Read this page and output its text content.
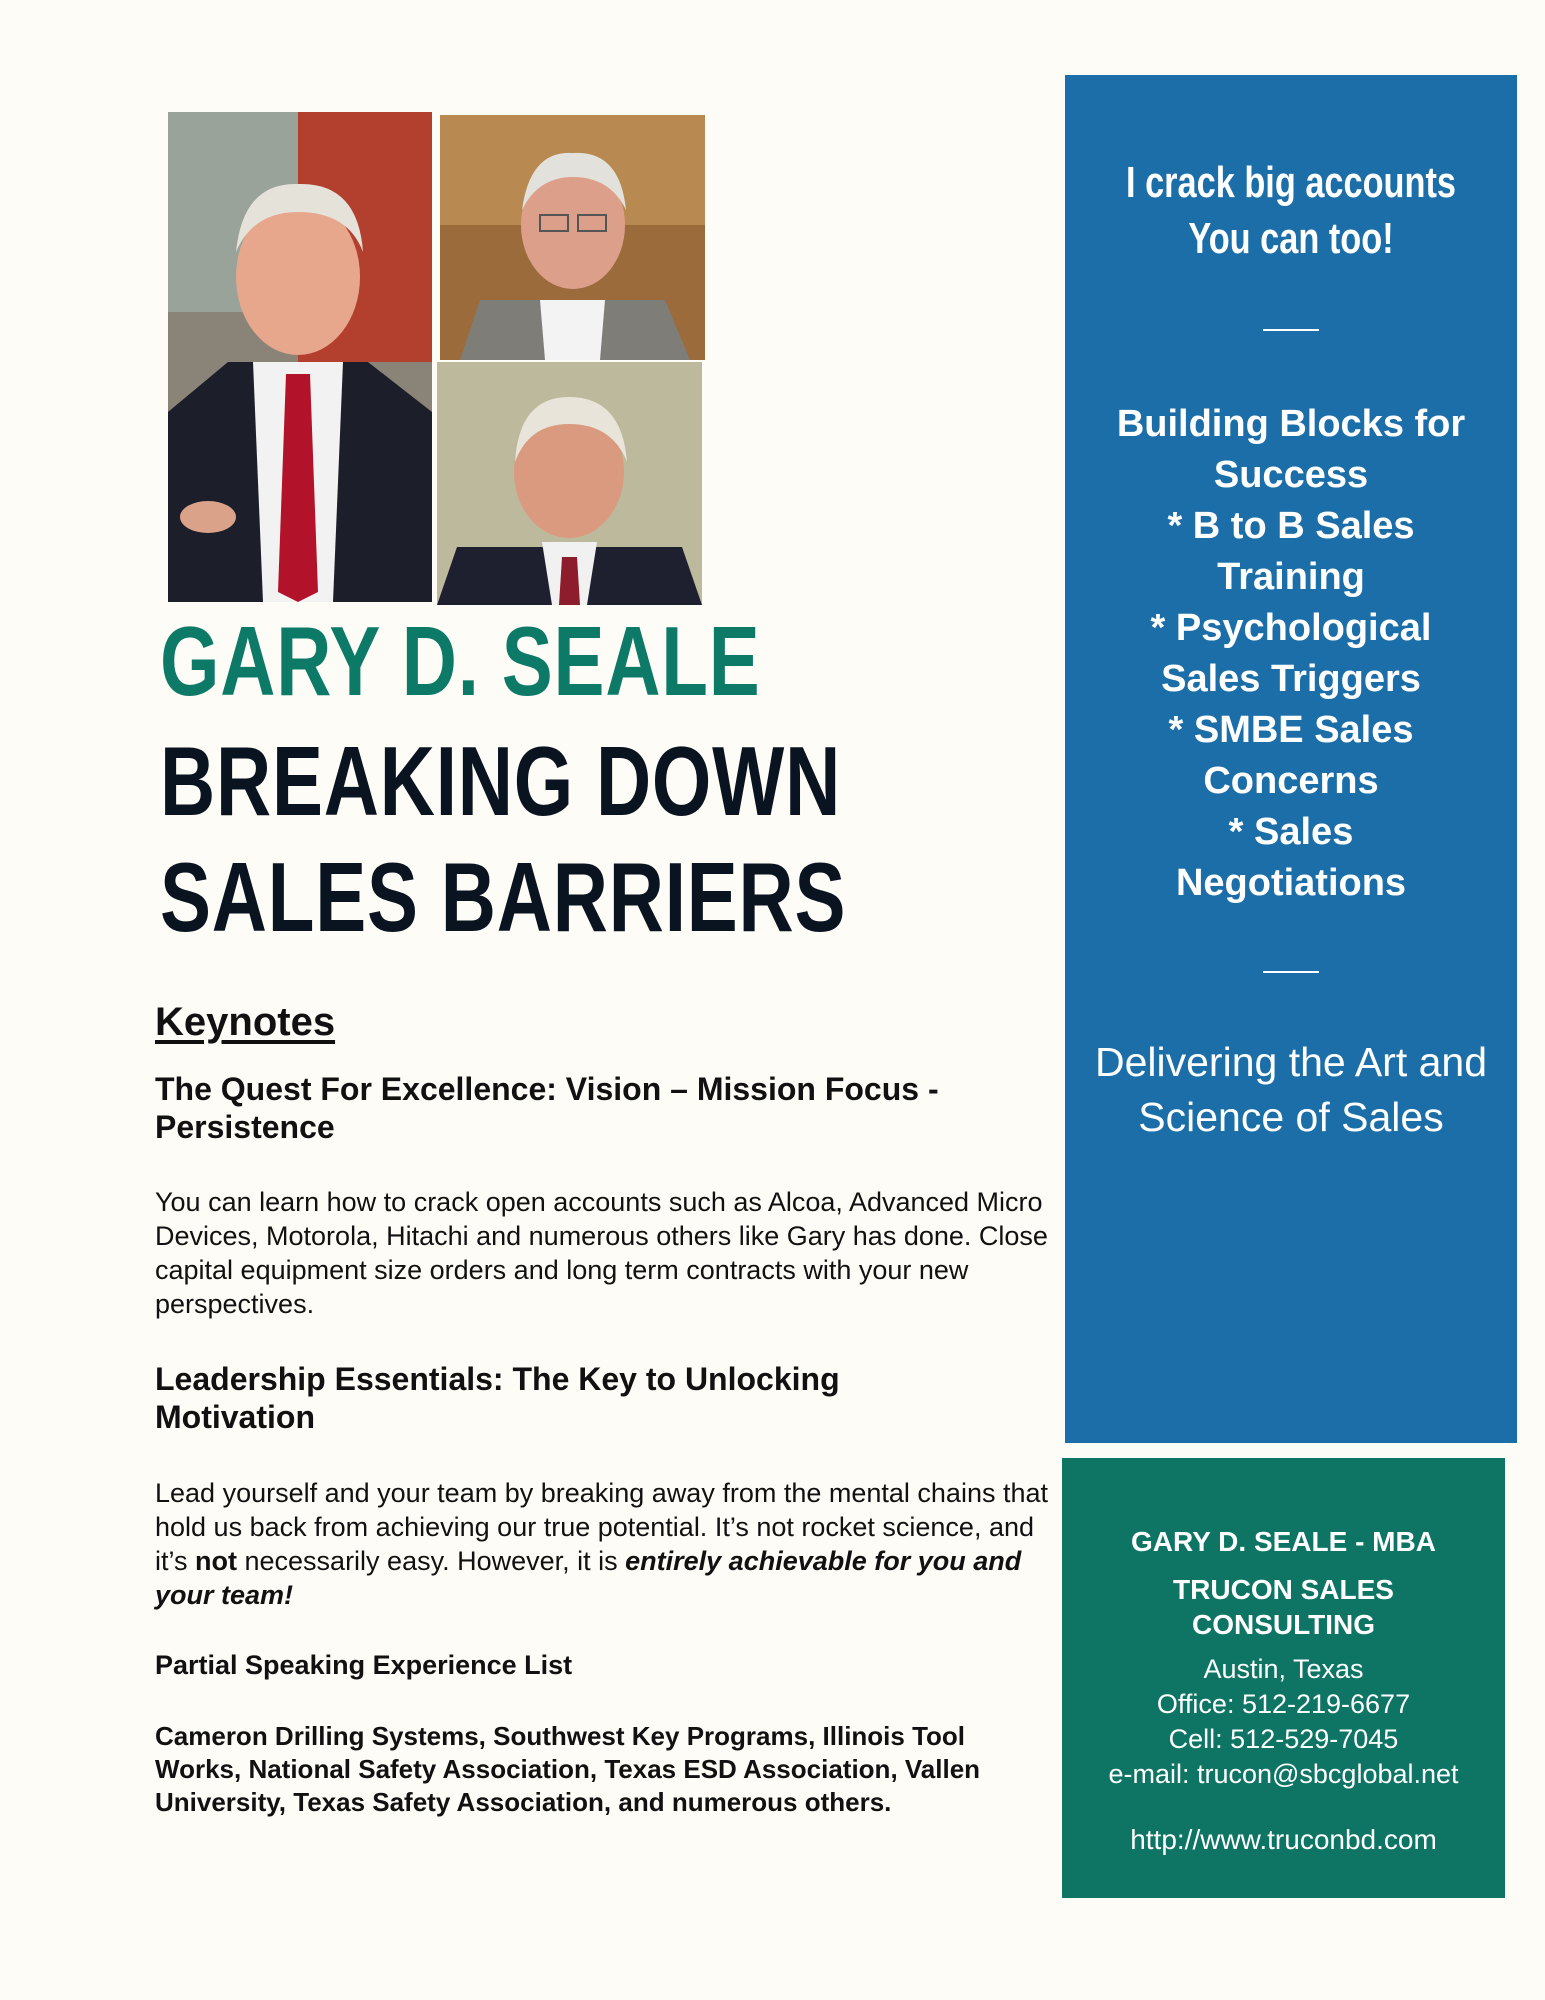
GARY D. SEALE
BREAKING DOWN
SALES BARRIERS
Keynotes

The Quest For Excellence: Vision – Mission Focus - Persistence

You can learn how to crack open accounts such as Alcoa, Advanced Micro Devices, Motorola, Hitachi and numerous others like Gary has done. Close capital equipment size orders and long term contracts with your new perspectives.

Leadership Essentials: The Key to Unlocking Motivation

Lead yourself and your team by breaking away from the mental chains that hold us back from achieving our true potential. It’s not rocket science, and it’s not necessarily easy. However, it is entirely achievable for you and your team!

Partial Speaking Experience List
Cameron Drilling Systems, Southwest Key Programs, Illinois Tool Works, National Safety Association, Texas ESD Association, Vallen University, Texas Safety Association, and numerous others.
I crack big accounts
You can too!
Building Blocks for
Success
* B to B Sales
Training
* Psychological
Sales Triggers
* SMBE Sales
Concerns
* Sales
Negotiations
Delivering the Art and Science of Sales
GARY D. SEALE - MBA
TRUCON SALES CONSULTING
Austin, Texas
Office: 512-219-6677
Cell: 512-529-7045
e-mail: trucon@sbcglobal.net
http://www.truconbd.com
